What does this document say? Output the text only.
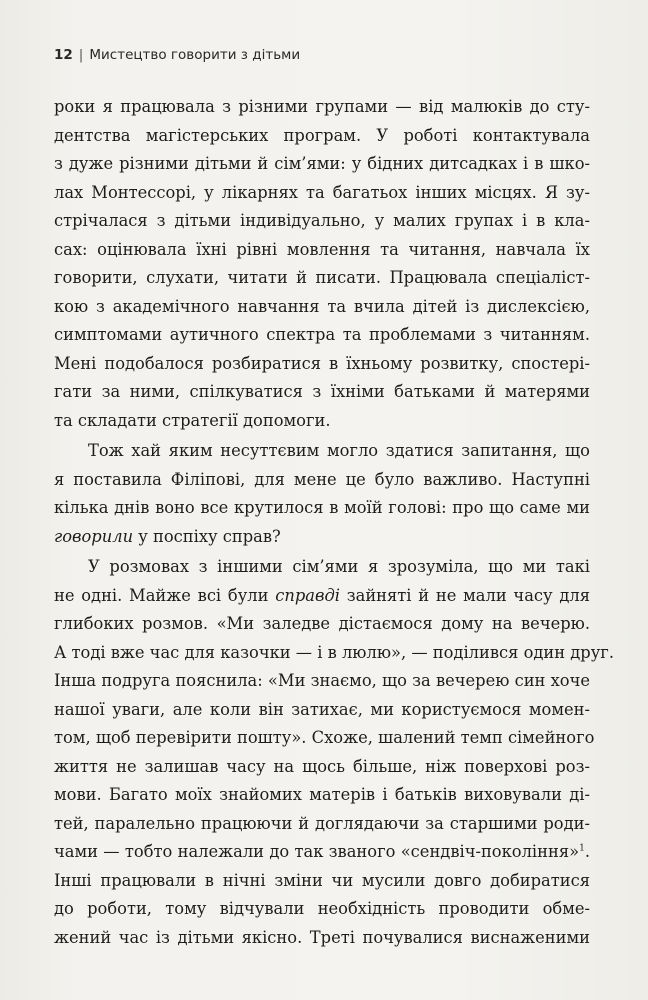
12 | Мистецтво говорити з дітьми

роки я працювала з різними групами — від малюків до сту-
дентства магістерських програм. У роботі контактувала
з дуже різними дітьми й сім’ями: у бідних дитсадках і в шко-
лах Монтессорі, у лікарнях та багатьох інших місцях. Я зу-
стрічалася з дітьми індивідуально, у малих групах і в кла-
сах: оцінювала їхні рівні мовлення та читання, навчала їх
говорити, слухати, читати й писати. Працювала спеціаліст-
кою з академічного навчання та вчила дітей із дислексією,
симптомами аутичного спектра та проблемами з читанням.
Мені подобалося розбиратися в їхньому розвитку, спостері-
гати за ними, спілкуватися з їхніми батьками й матерями
та складати стратегії допомоги.

Тож хай яким несуттєвим могло здатися запитання, що
я поставила Філіпові, для мене це було важливо. Наступні
кілька днів воно все крутилося в моїй голові: про що саме ми
говорили у поспіху справ?

У розмовах з іншими сім’ями я зрозуміла, що ми такі
не одні. Майже всі були справді зайняті й не мали часу для
глибоких розмов. «Ми заледве дістаємося дому на вечерю.
А тоді вже час для казочки — і в люлю», — поділився один друг.
Інша подруга пояснила: «Ми знаємо, що за вечерею син хоче
нашої уваги, але коли він затихає, ми користуємося момен-
том, щоб перевірити пошту». Схоже, шалений темп сімейного
життя не залишав часу на щось більше, ніж поверхові роз-
мови. Багато моїх знайомих матерів і батьків виховували ді-
тей, паралельно працюючи й доглядаючи за старшими роди-
чами — тобто належали до так званого «сендвіч-покоління»$^1$.
Інші працювали в нічні зміни чи мусили довго добиратися
до роботи, тому відчували необхідність проводити обме-
жений час із дітьми якісно. Треті почувалися виснаженими
